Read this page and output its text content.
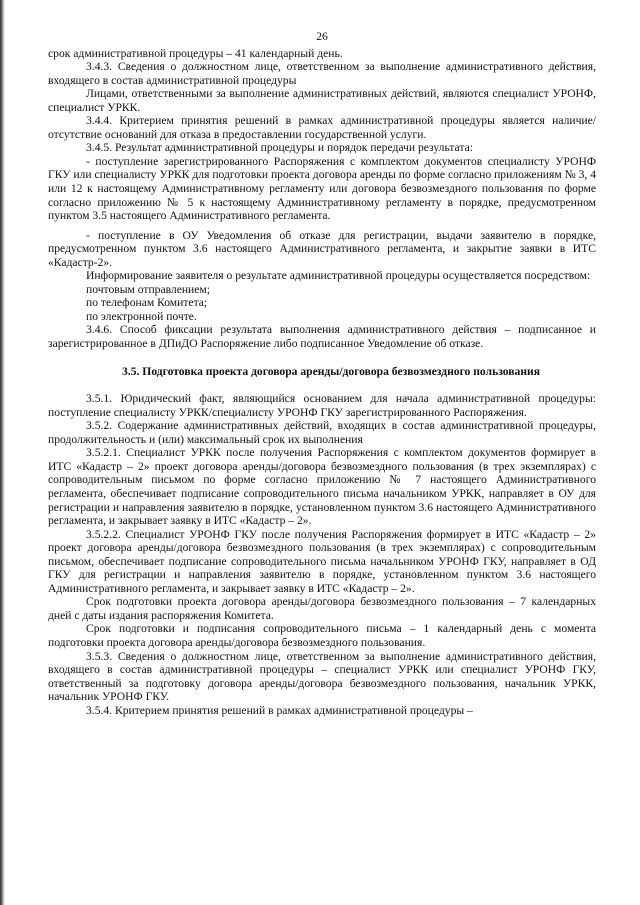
26

срок административной процедуры – 41 календарный день.

3.4.3. Сведения о должностном лице, ответственном за выполнение административного действия, входящего в состав административной процедуры

Лицами, ответственными за выполнение административных действий, являются специалист УРОНФ, специалист УРКК.

3.4.4. Критерием принятия решений в рамках административной процедуры является наличие/отсутствие оснований для отказа в предоставлении государственной услуги.

3.4.5. Результат административной процедуры и порядок передачи результата:

- поступление зарегистрированного Распоряжения с комплектом документов специалисту УРОНФ ГКУ или специалисту УРКК для подготовки проекта договора аренды по форме согласно приложениям № 3, 4 или 12 к настоящему Административному регламенту или договора безвозмездного пользования по форме согласно приложению № 5 к настоящему Административному регламенту в порядке, предусмотренном пунктом 3.5 настоящего Административного регламента.

- поступление в ОУ Уведомления об отказе для регистрации, выдачи заявителю в порядке, предусмотренном пунктом 3.6 настоящего Административного регламента, и закрытие заявки в ИТС «Кадастр-2».

Информирование заявителя о результате административной процедуры осуществляется посредством:

почтовым отправлением;

по телефонам Комитета;

по электронной почте.

3.4.6. Способ фиксации результата выполнения административного действия – подписанное и зарегистрированное в ДПиДО Распоряжение либо подписанное Уведомление об отказе.

3.5. Подготовка проекта договора аренды/договора безвозмездного пользования

3.5.1. Юридический факт, являющийся основанием для начала административной процедуры: поступление специалисту УРКК/специалисту УРОНФ ГКУ зарегистрированного Распоряжения.

3.5.2. Содержание административных действий, входящих в состав административной процедуры, продолжительность и (или) максимальный срок их выполнения

3.5.2.1. Специалист УРКК после получения Распоряжения с комплектом документов формирует в ИТС «Кадастр – 2» проект договора аренды/договора безвозмездного пользования (в трех экземплярах) с сопроводительным письмом по форме согласно приложению № 7 настоящего Административного регламента, обеспечивает подписание сопроводительного письма начальником УРКК, направляет в ОУ для регистрации и направления заявителю в порядке, установленном пунктом 3.6 настоящего Административного регламента, и закрывает заявку в ИТС «Кадастр – 2».

3.5.2.2. Специалист УРОНФ ГКУ после получения Распоряжения формирует в ИТС «Кадастр – 2» проект договора аренды/договора безвозмездного пользования (в трех экземплярах) с сопроводительным письмом, обеспечивает подписание сопроводительного письма начальником УРОНФ ГКУ, направляет в ОД ГКУ для регистрации и направления заявителю в порядке, установленном пунктом 3.6 настоящего Административного регламента, и закрывает заявку в ИТС «Кадастр – 2».

Срок подготовки проекта договора аренды/договора безвозмездного пользования – 7 календарных дней с даты издания распоряжения Комитета.

Срок подготовки и подписания сопроводительного письма – 1 календарный день с момента подготовки проекта договора аренды/договора безвозмездного пользования.

3.5.3. Сведения о должностном лице, ответственном за выполнение административного действия, входящего в состав административной процедуры – специалист УРКК или специалист УРОНФ ГКУ, ответственный за подготовку договора аренды/договора безвозмездного пользования, начальник УРКК, начальник УРОНФ ГКУ.

3.5.4. Критерием принятия решений в рамках административной процедуры –
